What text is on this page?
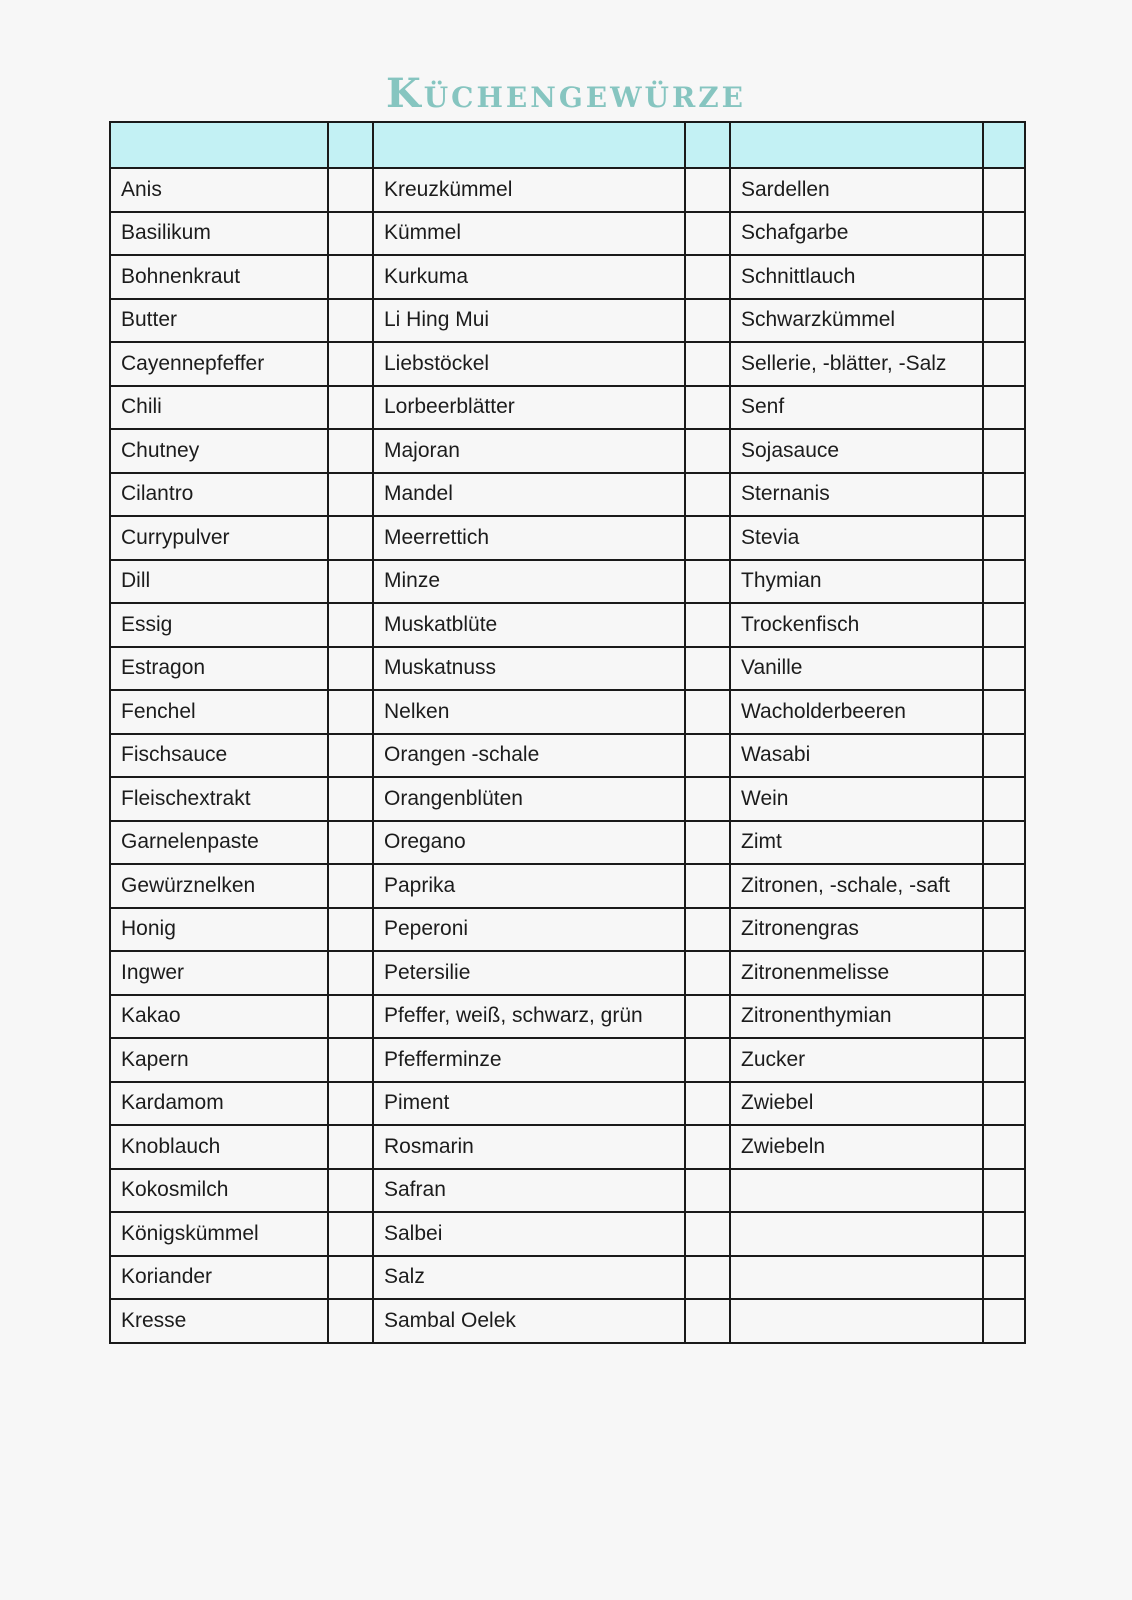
Küchengewürze

Anis		Kreuzkümmel		Sardellen	
Basilikum		Kümmel		Schafgarbe	
Bohnenkraut		Kurkuma		Schnittlauch	
Butter		Li Hing Mui		Schwarzkümmel	
Cayennepfeffer		Liebstöckel		Sellerie, -blätter, -Salz	
Chili		Lorbeerblätter		Senf	
Chutney		Majoran		Sojasauce	
Cilantro		Mandel		Sternanis	
Currypulver		Meerrettich		Stevia	
Dill		Minze		Thymian	
Essig		Muskatblüte		Trockenfisch	
Estragon		Muskatnuss		Vanille	
Fenchel		Nelken		Wacholderbeeren	
Fischsauce		Orangen -schale		Wasabi	
Fleischextrakt		Orangenblüten		Wein	
Garnelenpaste		Oregano		Zimt	
Gewürznelken		Paprika		Zitronen, -schale, -saft	
Honig		Peperoni		Zitronengras	
Ingwer		Petersilie		Zitronenmelisse	
Kakao		Pfeffer, weiß, schwarz, grün		Zitronenthymian	
Kapern		Pfefferminze		Zucker	
Kardamom		Piment		Zwiebel	
Knoblauch		Rosmarin		Zwiebeln	
Kokosmilch		Safran			
Königskümmel		Salbei			
Koriander		Salz			
Kresse		Sambal Oelek			
